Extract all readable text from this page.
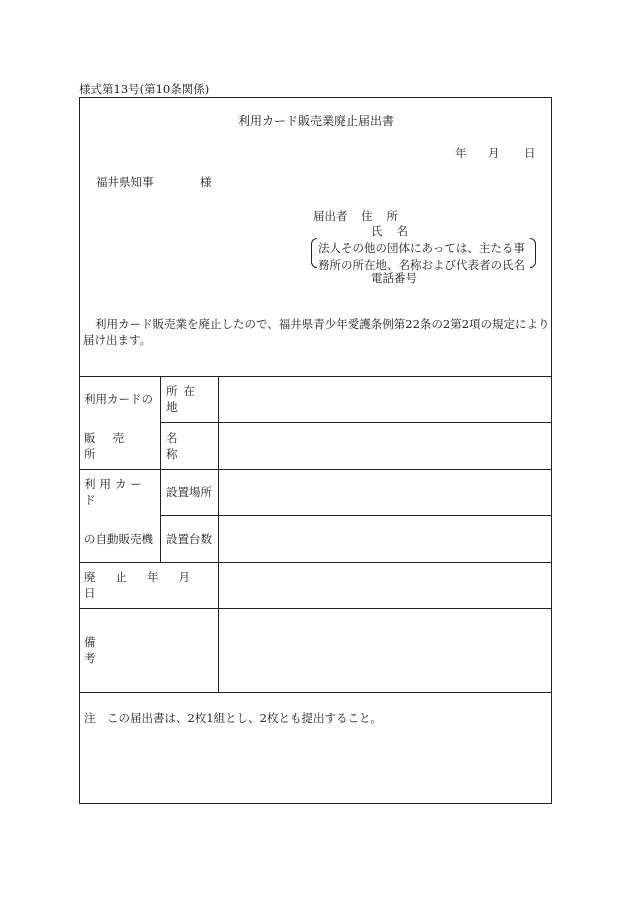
様式第13号(第10条関係)
利用カード販売業廃止届出書
年 月 日
福井県知事	様
届出者 住所
氏名
法人その他の団体にあっては、主たる事
務所の所在地、名称および代表者の氏名
電話番号
利用カード販売業を廃止したので、福井県青少年愛護条例第22条の2第2項の規定により届け出ます。
利用カードの
販売所
所在地
名称
利用カード
の自動販売機
設置場所
設置台数
廃止年月日
備考
注　この届出書は、2枚1組とし、2枚とも提出すること。
